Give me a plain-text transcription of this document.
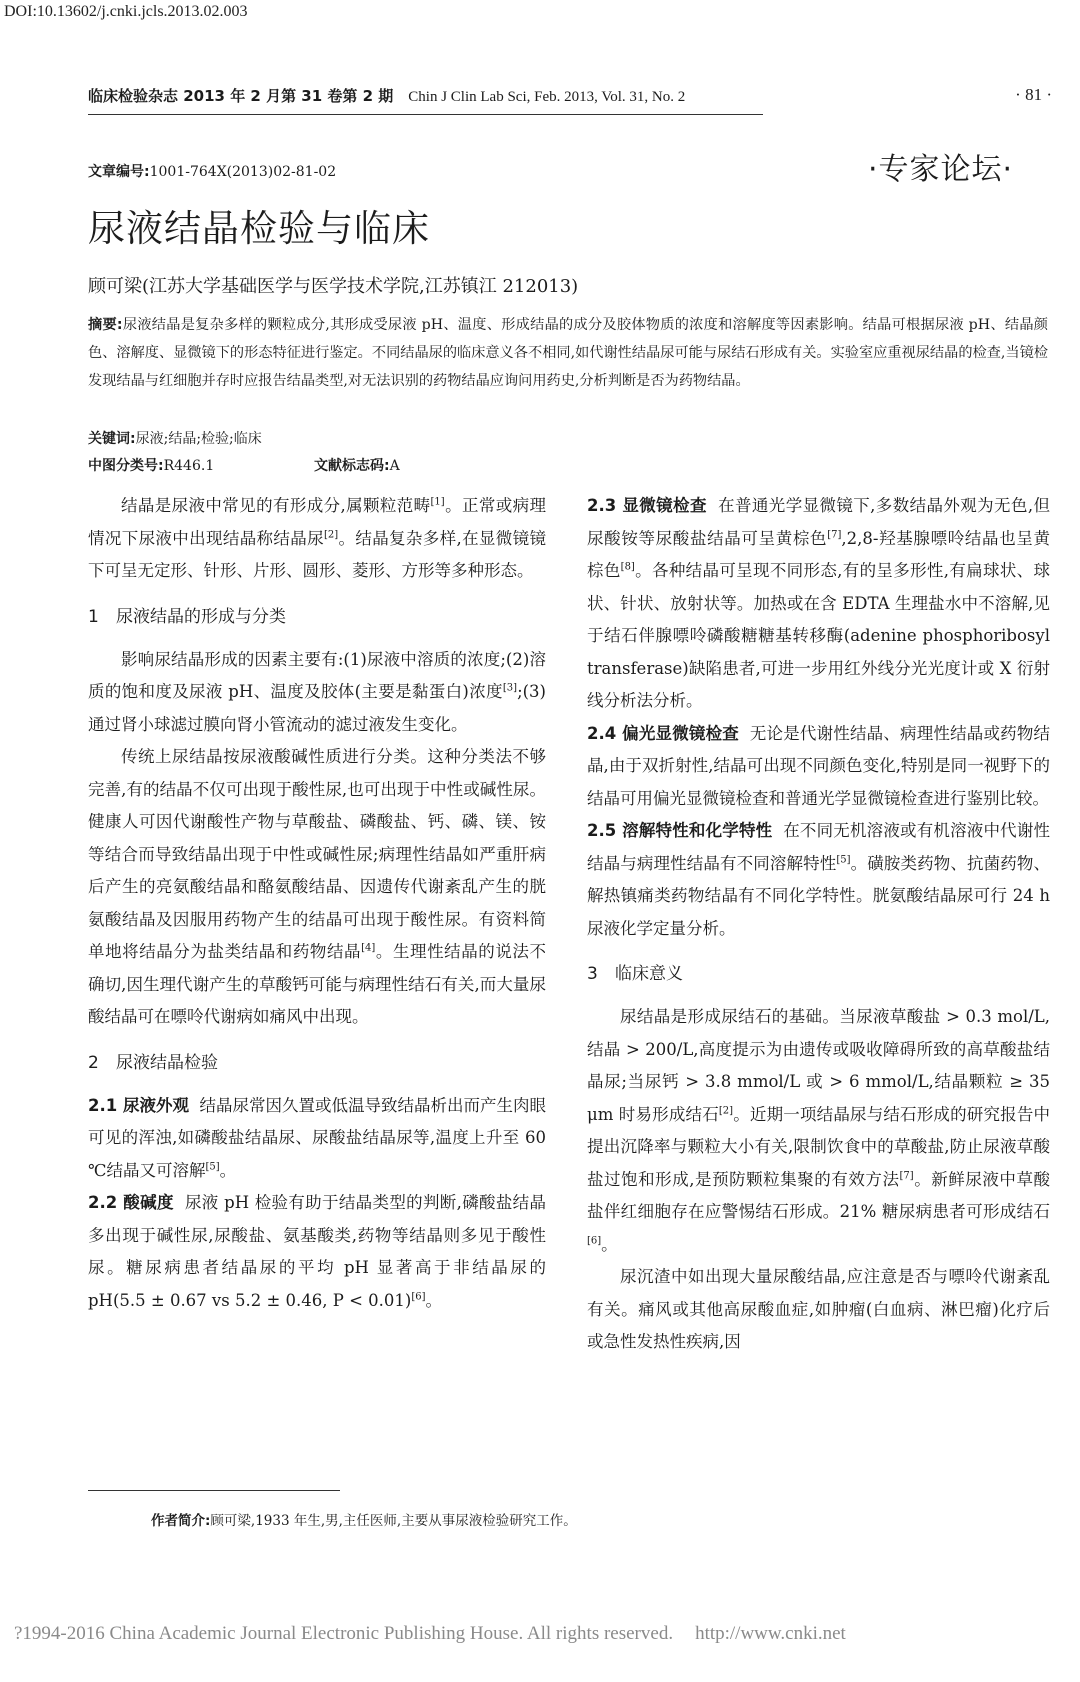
DOI:10.13602/j.cnki.jcls.2013.02.003
临床检验杂志 2013 年 2 月第 31 卷第 2 期 Chin J Clin Lab Sci, Feb. 2013, Vol. 31, No. 2	· 81 ·
·专家论坛·
文章编号:1001-764X(2013)02-81-02
尿液结晶检验与临床
顾可梁(江苏大学基础医学与医学技术学院,江苏镇江 212013)
摘要:尿液结晶是复杂多样的颗粒成分,其形成受尿液 pH、温度、形成结晶的成分及胶体物质的浓度和溶解度等因素影响。结晶可根据尿液 pH、结晶颜色、溶解度、显微镜下的形态特征进行鉴定。不同结晶尿的临床意义各不相同,如代谢性结晶尿可能与尿结石形成有关。实验室应重视尿结晶的检查,当镜检发现结晶与红细胞并存时应报告结晶类型,对无法识别的药物结晶应询问用药史,分析判断是否为药物结晶。
关键词:尿液;结晶;检验;临床
中图分类号:R446.1	文献标志码:A

结晶是尿液中常见的有形成分,属颗粒范畴[1]。正常或病理情况下尿液中出现结晶称结晶尿[2]。结晶复杂多样,在显微镜镜下可呈无定形、针形、片形、圆形、菱形、方形等多种形态。

1 尿液结晶的形成与分类

影响尿结晶形成的因素主要有:(1)尿液中溶质的浓度;(2)溶质的饱和度及尿液 pH、温度及胶体(主要是黏蛋白)浓度[3];(3)通过肾小球滤过膜向肾小管流动的滤过液发生变化。

传统上尿结晶按尿液酸碱性质进行分类。这种分类法不够完善,有的结晶不仅可出现于酸性尿,也可出现于中性或碱性尿。健康人可因代谢酸性产物与草酸盐、磷酸盐、钙、磷、镁、铵等结合而导致结晶出现于中性或碱性尿;病理性结晶如严重肝病后产生的亮氨酸结晶和酪氨酸结晶、因遗传代谢紊乱产生的胱氨酸结晶及因服用药物产生的结晶可出现于酸性尿。有资料简单地将结晶分为盐类结晶和药物结晶[4]。生理性结晶的说法不确切,因生理代谢产生的草酸钙可能与病理性结石有关,而大量尿酸结晶可在嘌呤代谢病如痛风中出现。

2 尿液结晶检验

2.1 尿液外观 结晶尿常因久置或低温导致结晶析出而产生肉眼可见的浑浊,如磷酸盐结晶尿、尿酸盐结晶尿等,温度上升至 60 ℃结晶又可溶解[5]。

2.2 酸碱度 尿液 pH 检验有助于结晶类型的判断,磷酸盐结晶多出现于碱性尿,尿酸盐、氨基酸类,药物等结晶则多见于酸性尿。糖尿病患者结晶尿的平均 pH 显著高于非结晶尿的 pH(5.5 ± 0.67 vs 5.2 ± 0.46, P < 0.01)[6]。

2.3 显微镜检查 在普通光学显微镜下,多数结晶外观为无色,但尿酸铵等尿酸盐结晶可呈黄棕色[7],2,8-羟基腺嘌呤结晶也呈黄棕色[8]。各种结晶可呈现不同形态,有的呈多形性,有扁球状、球状、针状、放射状等。加热或在含 EDTA 生理盐水中不溶解,见于结石伴腺嘌呤磷酸糖糖基转移酶(adenine phosphoribosyl transferase)缺陷患者,可进一步用红外线分光光度计或 X 衍射线分析法分析。

2.4 偏光显微镜检查 无论是代谢性结晶、病理性结晶或药物结晶,由于双折射性,结晶可出现不同颜色变化,特别是同一视野下的结晶可用偏光显微镜检查和普通光学显微镜检查进行鉴别比较。

2.5 溶解特性和化学特性 在不同无机溶液或有机溶液中代谢性结晶与病理性结晶有不同溶解特性[5]。磺胺类药物、抗菌药物、解热镇痛类药物结晶有不同化学特性。胱氨酸结晶尿可行 24 h 尿液化学定量分析。

3 临床意义

尿结晶是形成尿结石的基础。当尿液草酸盐 > 0.3 mol/L,结晶 > 200/L,高度提示为由遗传或吸收障碍所致的高草酸盐结晶尿;当尿钙 > 3.8 mmol/L 或 > 6 mmol/L,结晶颗粒 ≥ 35 μm 时易形成结石[2]。近期一项结晶尿与结石形成的研究报告中提出沉降率与颗粒大小有关,限制饮食中的草酸盐,防止尿液草酸盐过饱和形成,是预防颗粒集聚的有效方法[7]。新鲜尿液中草酸盐伴红细胞存在应警惕结石形成。21% 糖尿病患者可形成结石[6]。

尿沉渣中如出现大量尿酸结晶,应注意是否与嘌呤代谢紊乱有关。痛风或其他高尿酸血症,如肿瘤(白血病、淋巴瘤)化疗后或急性发热性疾病,因

作者简介:顾可梁,1933 年生,男,主任医师,主要从事尿液检验研究工作。
?1994-2016 China Academic Journal Electronic Publishing House. All rights reserved. http://www.cnki.net
